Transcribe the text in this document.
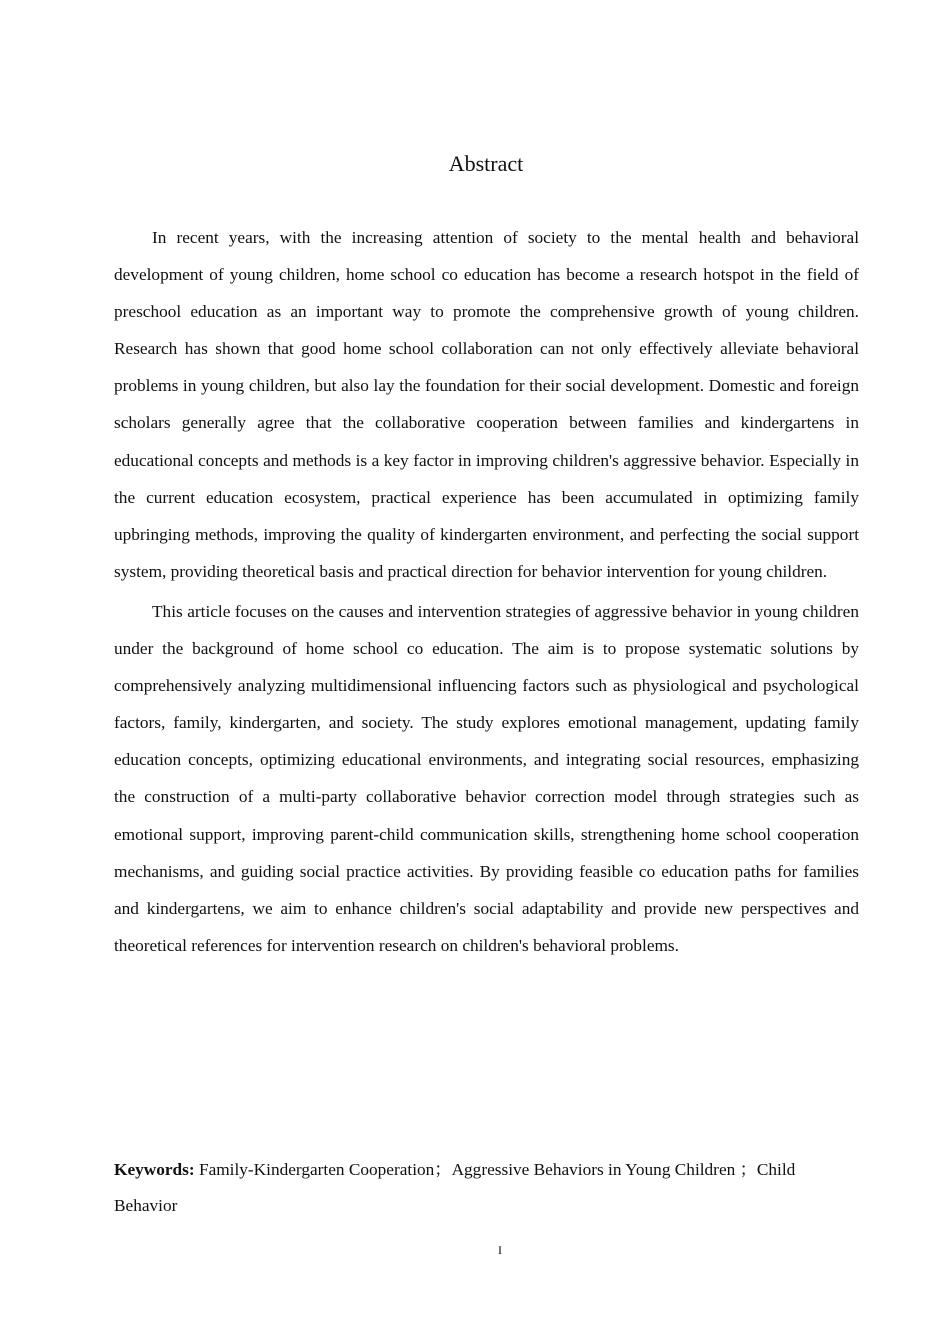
Abstract

In recent years, with the increasing attention of society to the mental health and behavioral development of young children, home school co education has become a research hotspot in the field of preschool education as an important way to promote the comprehensive growth of young children. Research has shown that good home school collaboration can not only effectively alleviate behavioral problems in young children, but also lay the foundation for their social development. Domestic and foreign scholars generally agree that the collaborative cooperation between families and kindergartens in educational concepts and methods is a key factor in improving children's aggressive behavior. Especially in the current education ecosystem, practical experience has been accumulated in optimizing family upbringing methods, improving the quality of kindergarten environment, and perfecting the social support system, providing theoretical basis and practical direction for behavior intervention for young children.

This article focuses on the causes and intervention strategies of aggressive behavior in young children under the background of home school co education. The aim is to propose systematic solutions by comprehensively analyzing multidimensional influencing factors such as physiological and psychological factors, family, kindergarten, and society. The study explores emotional management, updating family education concepts, optimizing educational environments, and integrating social resources, emphasizing the construction of a multi-party collaborative behavior correction model through strategies such as emotional support, improving parent-child communication skills, strengthening home school cooperation mechanisms, and guiding social practice activities. By providing feasible co education paths for families and kindergartens, we aim to enhance children's social adaptability and provide new perspectives and theoretical references for intervention research on children's behavioral problems.

Keywords: Family-Kindergarten Cooperation；Aggressive Behaviors in Young Children ；Child Behavior
I
